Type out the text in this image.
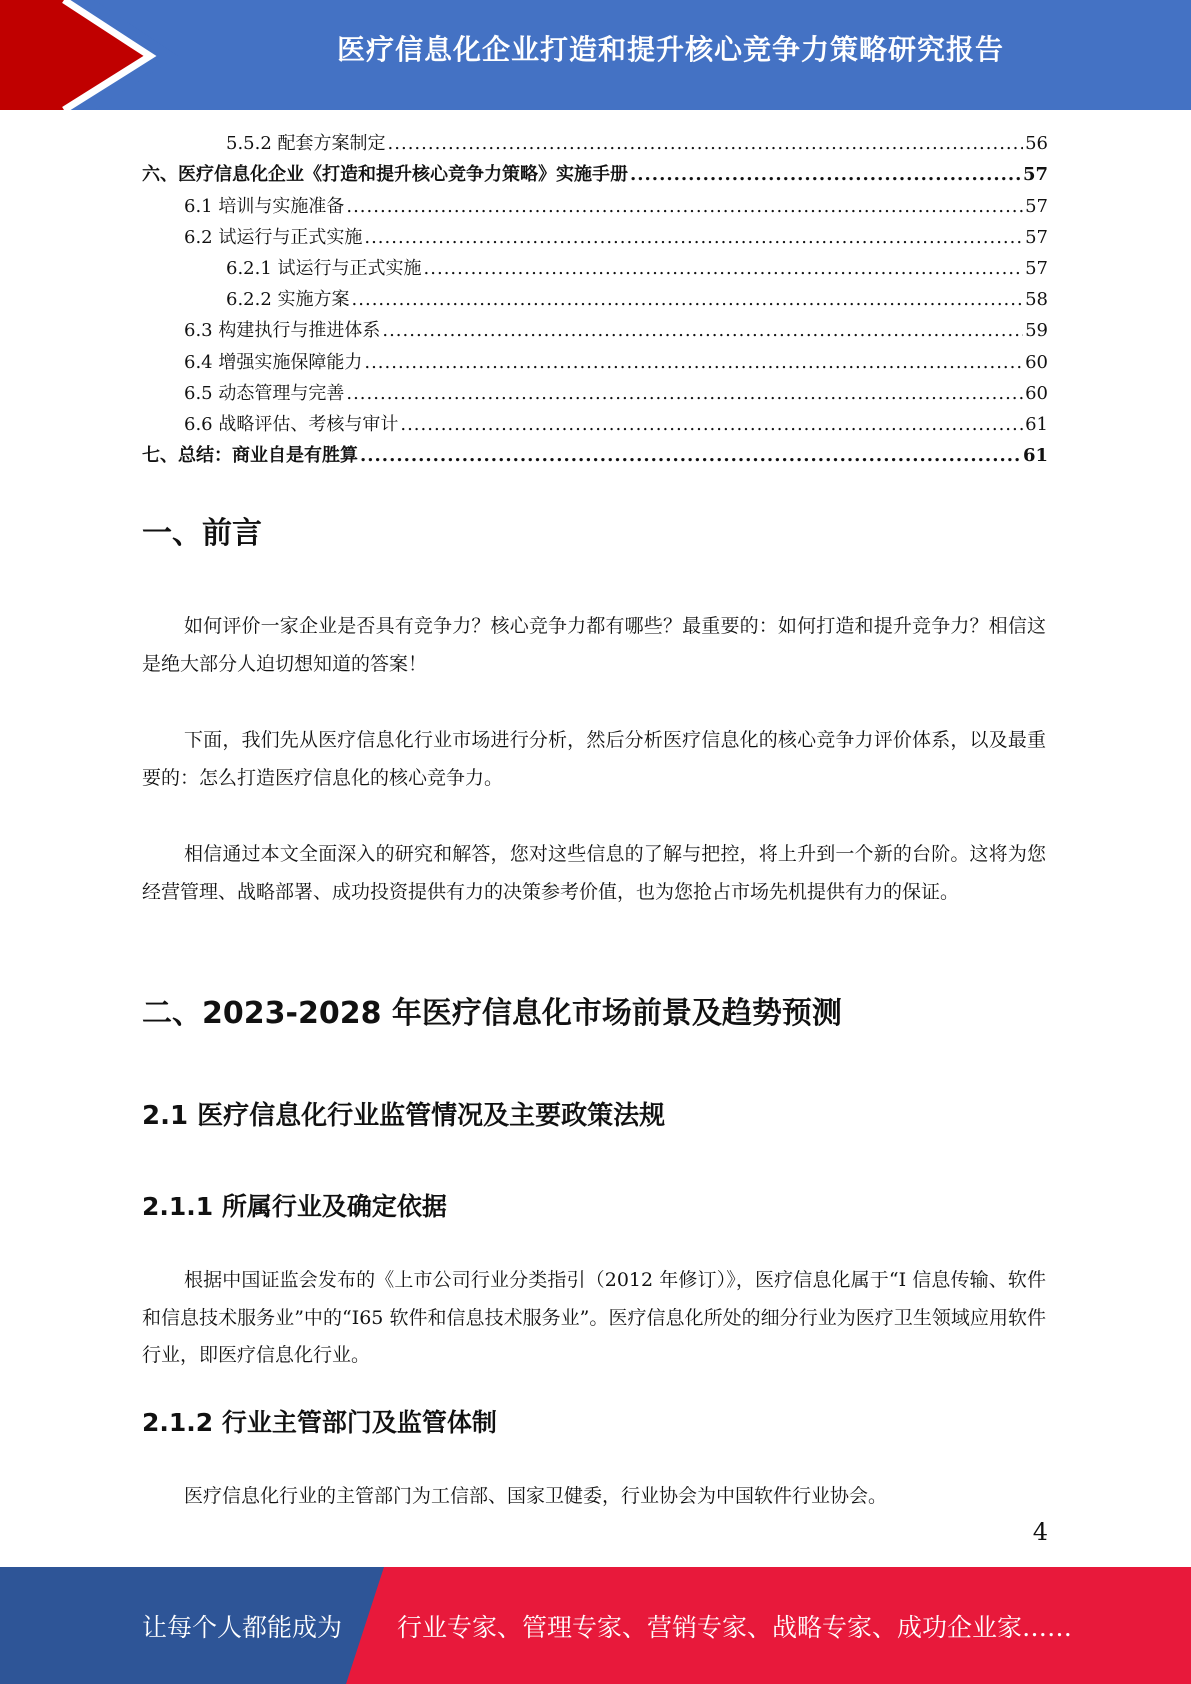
医疗信息化企业打造和提升核心竞争力策略研究报告
5.5.2 配套方案制定 .....	56
六、医疗信息化企业《打造和提升核心竞争力策略》实施手册 .....	57
6.1 培训与实施准备 .....	57
6.2 试运行与正式实施 .....	57
6.2.1 试运行与正式实施 .....	57
6.2.2 实施方案 .....	58
6.3 构建执行与推进体系 .....	59
6.4 增强实施保障能力 .....	60
6.5 动态管理与完善 .....	60
6.6 战略评估、考核与审计 .....	61
七、总结：商业自是有胜算 .....	61
一、前言

如何评价一家企业是否具有竞争力？核心竞争力都有哪些？最重要的：如何打造和提升竞争力？相信这是绝大部分人迫切想知道的答案！

下面，我们先从医疗信息化行业市场进行分析，然后分析医疗信息化的核心竞争力评价体系，以及最重要的：怎么打造医疗信息化的核心竞争力。

相信通过本文全面深入的研究和解答，您对这些信息的了解与把控，将上升到一个新的台阶。这将为您经营管理、战略部署、成功投资提供有力的决策参考价值，也为您抢占市场先机提供有力的保证。

二、2023-2028 年医疗信息化市场前景及趋势预测
2.1 医疗信息化行业监管情况及主要政策法规
2.1.1 所属行业及确定依据

根据中国证监会发布的《上市公司行业分类指引（2012 年修订）》，医疗信息化属于“I 信息传输、软件和信息技术服务业”中的“I65 软件和信息技术服务业”。医疗信息化所处的细分行业为医疗卫生领域应用软件行业，即医疗信息化行业。

2.1.2 行业主管部门及监管体制

医疗信息化行业的主管部门为工信部、国家卫健委，行业协会为中国软件行业协会。

4
让每个人都能成为 行业专家、管理专家、营销专家、战略专家、成功企业家……
